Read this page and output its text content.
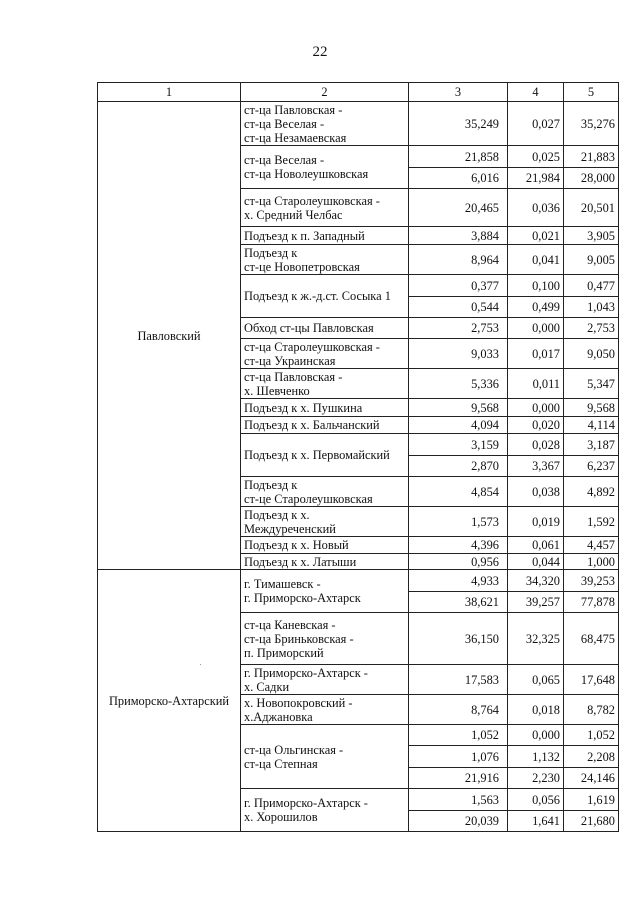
22
1	2	3	4	5
Павловский	ст-ца Павловская -
ст-ца Веселая -
ст-ца Незамаевская	35,249	0,027	35,276

	ст-ца Веселая -
ст-ца Новолеушковская	21,858	0,025	21,883
		6,016	21,984	28,000

	ст-ца Старолеушковская -
х. Средний Челбас	20,465	0,036	20,501

	Подъезд к п. Западный	3,884	0,021	3,905

	Подъезд к
ст-це Новопетровская	8,964	0,041	9,005

	Подъезд к ж.-д.ст. Сосыка 1	0,377	0,100	0,477
		0,544	0,499	1,043

	Обход ст-цы Павловская	2,753	0,000	2,753

	ст-ца Старолеушковская -
ст-ца Украинская	9,033	0,017	9,050

	ст-ца Павловская -
х. Шевченко	5,336	0,011	5,347

	Подъезд к х. Пушкина	9,568	0,000	9,568

	Подъезд к х. Бальчанский	4,094	0,020	4,114

	Подъезд к х. Первомайский	3,159	0,028	3,187
		2,870	3,367	6,237

	Подъезд к
ст-це Старолеушковская	4,854	0,038	4,892

	Подъезд к х.
Междуреченский	1,573	0,019	1,592

	Подъезд к х. Новый	4,396	0,061	4,457

	Подъезд к х. Латыши	0,956	0,044	1,000
Приморско-Ахтарский	г. Тимашевск -
г. Приморско-Ахтарск	4,933	34,320	39,253
		38,621	39,257	77,878

	ст-ца Каневская -
ст-ца Бриньковская -
п. Приморский	36,150	32,325	68,475

	г. Приморско-Ахтарск -
х. Садки	17,583	0,065	17,648

	х. Новопокровский -
х.Аджановка	8,764	0,018	8,782

	ст-ца Ольгинская -
ст-ца Степная	1,052	0,000	1,052
		1,076	1,132	2,208
		21,916	2,230	24,146

	г. Приморско-Ахтарск -
х. Хорошилов	1,563	0,056	1,619
		20,039	1,641	21,680
